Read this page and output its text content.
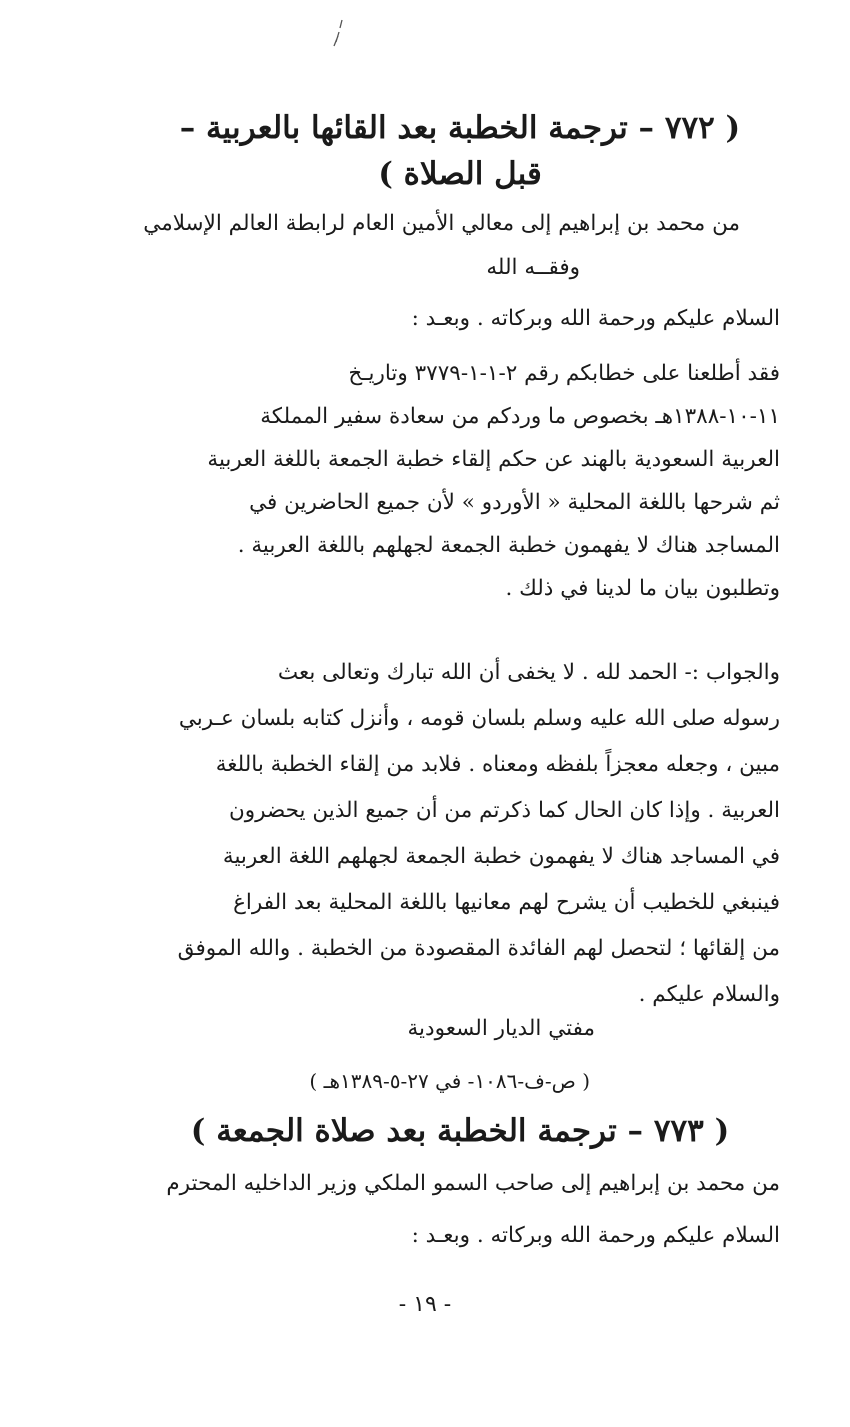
( ٧٧٢ – ترجمة الخطبة بعد القائها بالعربية –
قبل الصلاة )
من محمد بن إبراهيم إلى معالي الأمين العام لرابطة العالم الإسلامي
وفقــه الله
السلام عليكم ورحمة الله وبركاته . وبعـد :
فقد أطلعنا على خطابكم رقم ٢-١-١-٣٧٧٩ وتاريـخ
١١-١٠-١٣٨٨هـ بخصوص ما وردكم من سعادة سفير المملكة
العربية السعودية بالهند عن حكم إلقاء خطبة الجمعة باللغة العربية
ثم شرحها باللغة المحلية « الأوردو » لأن جميع الحاضرين في
المساجد هناك لا يفهمون خطبة الجمعة لجهلهم باللغة العربية .
وتطلبون بيان ما لدينا في ذلك .
والجواب :- الحمد لله . لا يخفى أن الله تبارك وتعالى بعث
رسوله صلى الله عليه وسلم بلسان قومه ، وأنزل كتابه بلسان عـربي
مبين ، وجعله معجزاً بلفظه ومعناه . فلابد من إلقاء الخطبة باللغة
العربية . وإذا كان الحال كما ذكرتم من أن جميع الذين يحضرون
في المساجد هناك لا يفهمون خطبة الجمعة لجهلهم اللغة العربية
فينبغي للخطيب أن يشرح لهم معانيها باللغة المحلية بعد الفراغ
من إلقائها ؛ لتحصل لهم الفائدة المقصودة من الخطبة . والله الموفق
والسلام عليكم .
مفتي الديار السعودية
( ص-ف-١٠٨٦- في ٢٧-٥-١٣٨٩هـ )
( ٧٧٣ – ترجمة الخطبة بعد صلاة الجمعة )
من محمد بن إبراهيم إلى صاحب السمو الملكي وزير الداخليه المحترم
السلام عليكم ورحمة الله وبركاته . وبعـد :
- ١٩ -
